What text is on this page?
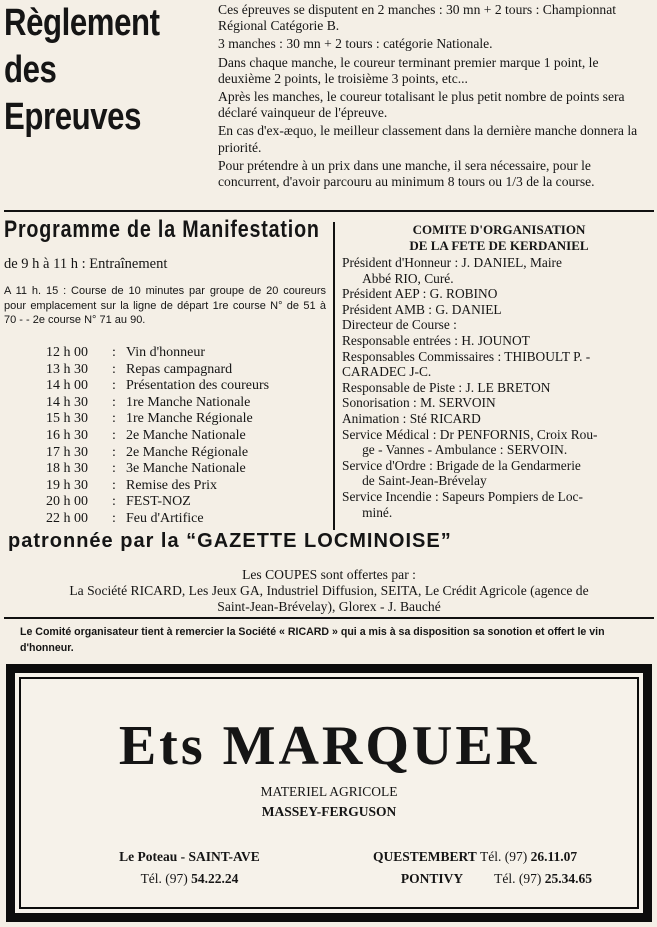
Règlement
des
Epreuves

Ces épreuves se disputent en 2 manches : 30 mn + 2 tours : Championnat Régional Catégorie B.

3 manches : 30 mn + 2 tours : catégorie Nationale.

Dans chaque manche, le coureur terminant premier marque 1 point, le deuxième 2 points, le troisième 3 points, etc...

Après les manches, le coureur totalisant le plus petit nombre de points sera déclaré vainqueur de l'épreuve.

En cas d'ex-æquo, le meilleur classement dans la dernière manche donnera la priorité.

Pour prétendre à un prix dans une manche, il sera nécessaire, pour le concurrent, d'avoir parcouru au minimum 8 tours ou 1/3 de la course.

Programme de la Manifestation
de 9 h à 11 h : Entraînement
A 11 h. 15 : Course de 10 minutes par groupe de 20 coureurs pour emplacement sur la ligne de départ 1re course N° de 51 à 70 - - 2e course N° 71 au 90.
12 h 00	: Vin d'honneur
13 h 30	: Repas campagnard
14 h 00	: Présentation des coureurs
14 h 30	: 1re Manche Nationale
15 h 30	: 1re Manche Régionale
16 h 30	: 2e Manche Nationale
17 h 30	: 2e Manche Régionale
18 h 30	: 3e Manche Nationale
19 h 30	: Remise des Prix
20 h 00	: FEST-NOZ
22 h 00	: Feu d'Artifice
COMITE D'ORGANISATION
DE LA FETE DE KERDANIEL
Président d'Honneur : J. DANIEL, Maire
Abbé RIO, Curé.
Président AEP : G. ROBINO
Président AMB : G. DANIEL
Directeur de Course :
Responsable entrées : H. JOUNOT
Responsables Commissaires : THIBOULT P. -
CARADEC J-C.
Responsable de Piste : J. LE BRETON
Sonorisation : M. SERVOIN
Animation : Sté RICARD
Service Médical : Dr PENFORNIS, Croix Rou-
ge - Vannes - Ambulance : SERVOIN.
Service d'Ordre : Brigade de la Gendarmerie
de Saint-Jean-Brévelay
Service Incendie : Sapeurs Pompiers de Loc-
miné.
patronnée par la “GAZETTE LOCMINOISE”
Les COUPES sont offertes par :
La Société RICARD, Les Jeux GA, Industriel Diffusion, SEITA, Le Crédit Agricole (agence de
Saint-Jean-Brévelay), Glorex - J. Bauché
Le Comité organisateur tient à remercier la Société « RICARD » qui a mis à sa disposition sa sonotion et offert le vin d'honneur.
Ets MARQUER
MATERIEL AGRICOLE
MASSEY-FERGUSON
Le Poteau - SAINT-AVE
Tél. (97) 54.22.24
QUESTEMBERT Tél. (97) 26.11.07
PONTIVY Tél. (97) 25.34.65
